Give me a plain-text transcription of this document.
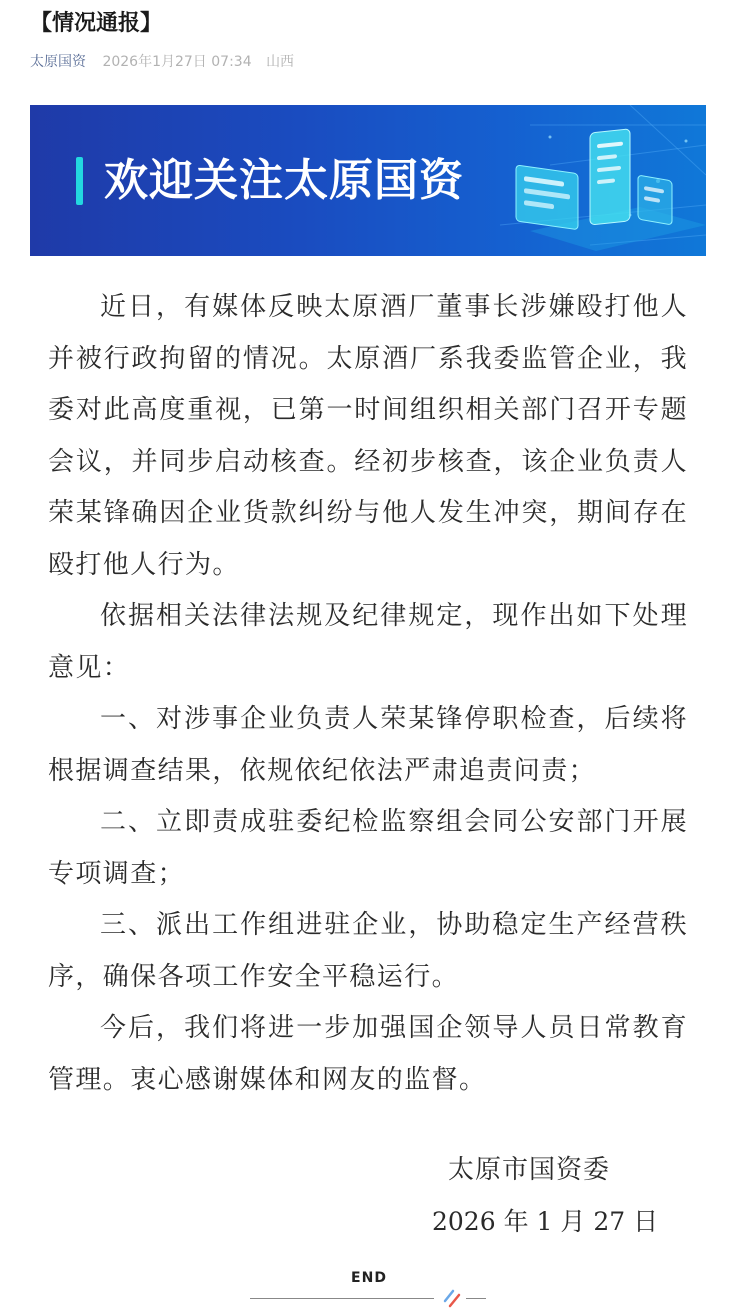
【情况通报】
太原国资 2026年1月27日 07:34 山西
欢迎关注太原国资

近日，有媒体反映太原酒厂董事长涉嫌殴打他人并被行政拘留的情况。太原酒厂系我委监管企业，我委对此高度重视，已第一时间组织相关部门召开专题会议，并同步启动核查。经初步核查，该企业负责人荣某锋确因企业货款纠纷与他人发生冲突，期间存在殴打他人行为。

依据相关法律法规及纪律规定，现作出如下处理意见：

一、对涉事企业负责人荣某锋停职检查，后续将根据调查结果，依规依纪依法严肃追责问责；

二、立即责成驻委纪检监察组会同公安部门开展专项调查；

三、派出工作组进驻企业，协助稳定生产经营秩序，确保各项工作安全平稳运行。

今后，我们将进一步加强国企领导人员日常教育管理。衷心感谢媒体和网友的监督。

太原市国资委
2026 年 1 月 27 日
END
